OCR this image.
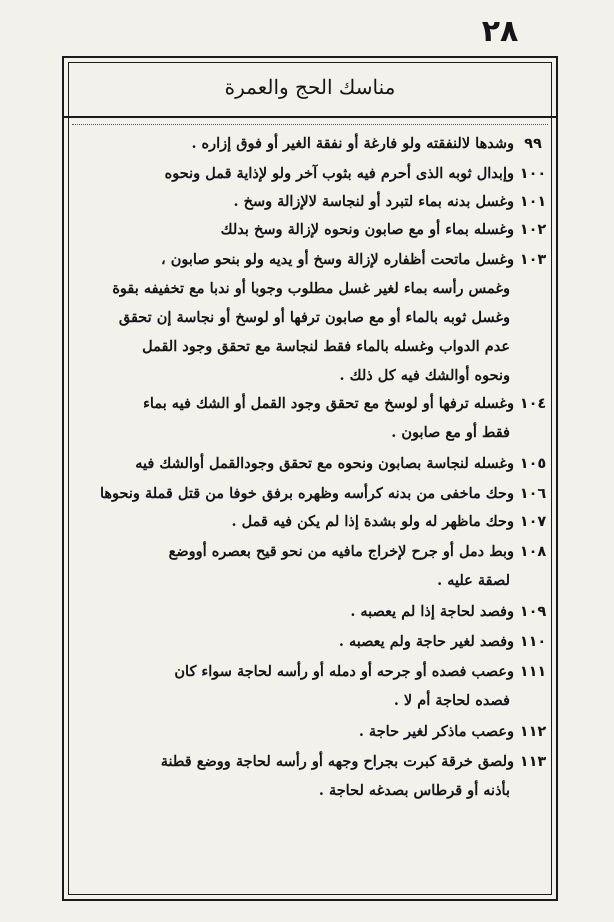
٢٨
مناسك الحج والعمرة
٩٩وشدها لالنفقته ولو فارغة أو نفقة الغير أو فوق إزاره .
١٠٠وإبدال ثوبه الذى أحرم فيه بثوب آخر ولو لإذاية قمل ونحوه
١٠١وغسل بدنه بماء لتبرد أو لنجاسة لالإزالة وسخ .
١٠٢وغسله بماء أو مع صابون ونحوه لإزالة وسخ بدلك
١٠٣وغسل ماتحت أظفاره لإزالة وسخ أو يديه ولو بنحو صابون ،
وغمس رأسه بماء لغير غسل مطلوب وجوبا أو ندبا مع تخفيفه بقوة
وغسل ثوبه بالماء أو مع صابون ترفها أو لوسخ أو نجاسة إن تحقق
عدم الدواب وغسله بالماء فقط لنجاسة مع تحقق وجود القمل
ونحوه أوالشك فيه كل ذلك .
١٠٤وغسله ترفها أو لوسخ مع تحقق وجود القمل أو الشك فيه بماء
فقط أو مع صابون .
١٠٥وغسله لنجاسة بصابون ونحوه مع تحقق وجودالقمل أوالشك فيه
١٠٦وحك ماخفى من بدنه كرأسه وظهره برفق خوفا من قتل قملة ونحوها
١٠٧وحك ماظهر له ولو بشدة إذا لم يكن فيه قمل .
١٠٨وبط دمل أو جرح لإخراج مافيه من نحو قيح بعصره أووضع
لصقة عليه .
١٠٩وفصد لحاجة إذا لم يعصبه .
١١٠وفصد لغير حاجة ولم يعصبه .
١١١وعصب فصده أو جرحه أو دمله أو رأسه لحاجة سواء كان
فصده لحاجة أم لا .
١١٢وعصب ماذكر لغير حاجة .
١١٣ولصق خرقة كبرت بجراح وجهه أو رأسه لحاجة ووضع قطنة
بأذنه أو قرطاس بصدغه لحاجة .
